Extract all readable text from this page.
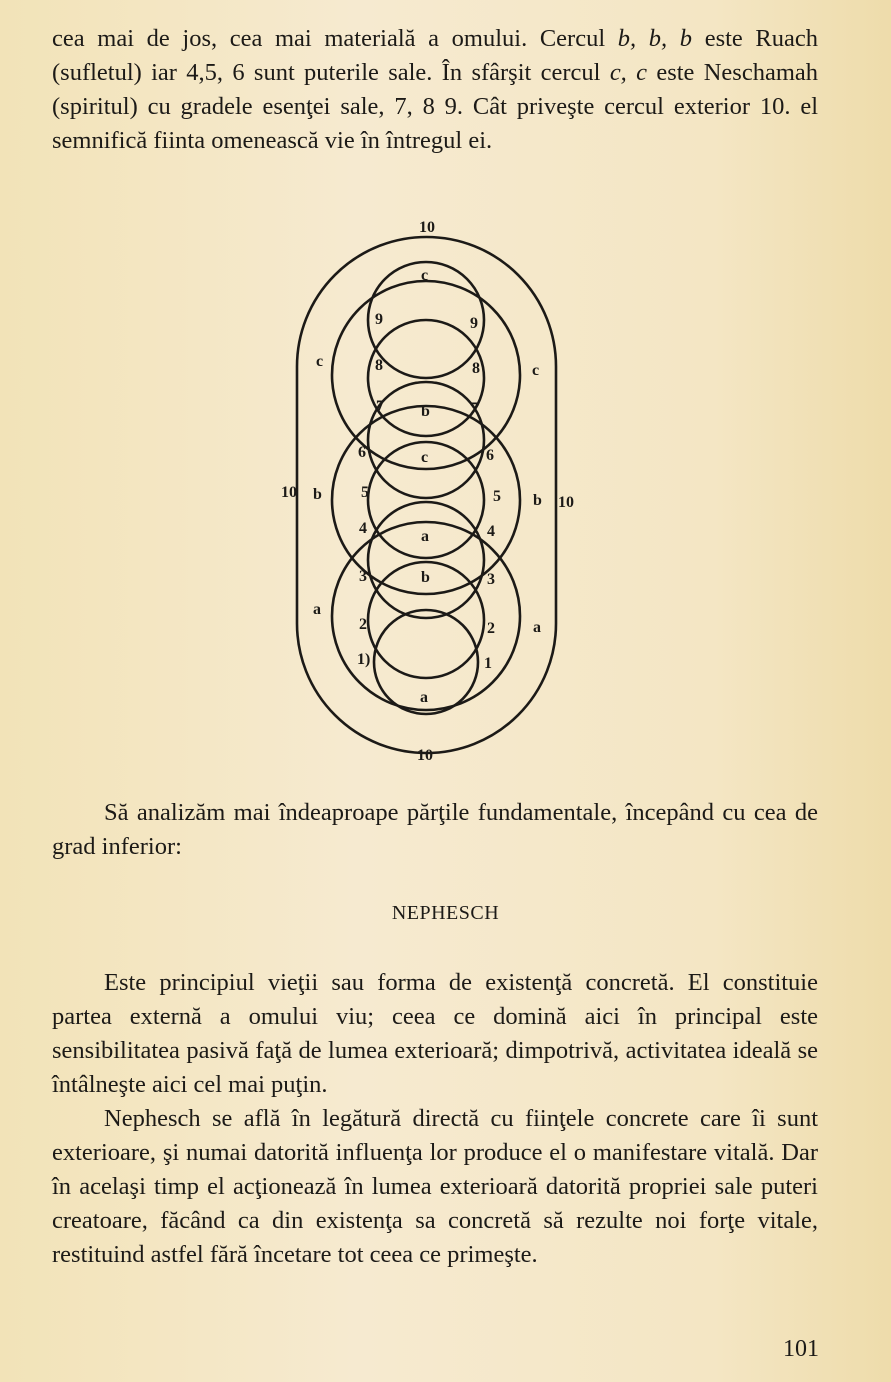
cea mai de jos, cea mai materială a omului. Cercul b, b, b este Ruach (sufletul) iar 4,5, 6 sunt puterile sale. În sfârşit cercul c, c este Neschamah (spiritul) cu gradele esenţei sale, 7, 8 9. Cât priveşte cercul exterior 10. el semnifică fiinta omenească vie în întregul ei.

10
10
10
10
c
c
c
c
b
b	b
b
a
a
a
a
9	9
8	8
7	7
6	6
5	5
4	4
3	3
2	2
1)	1

Să analizăm mai îndeaproape părţile fundamentale, începând cu cea de grad inferior:

NEPHESCH

Este principiul vieţii sau forma de existenţă concretă. El constituie partea externă a omului viu; ceea ce domină aici în principal este sensibilitatea pasivă faţă de lumea exterioară; dimpotrivă, activitatea ideală se întâlneşte aici cel mai puţin.

Nephesch se află în legătură directă cu fiinţele concrete care îi sunt exterioare, şi numai datorită influenţa lor produce el o manifestare vitală. Dar în acelaşi timp el acţionează în lumea exterioară datorită propriei sale puteri creatoare, făcând ca din existenţa sa concretă să rezulte noi forţe vitale, restituind astfel fără încetare tot ceea ce primeşte.

101
